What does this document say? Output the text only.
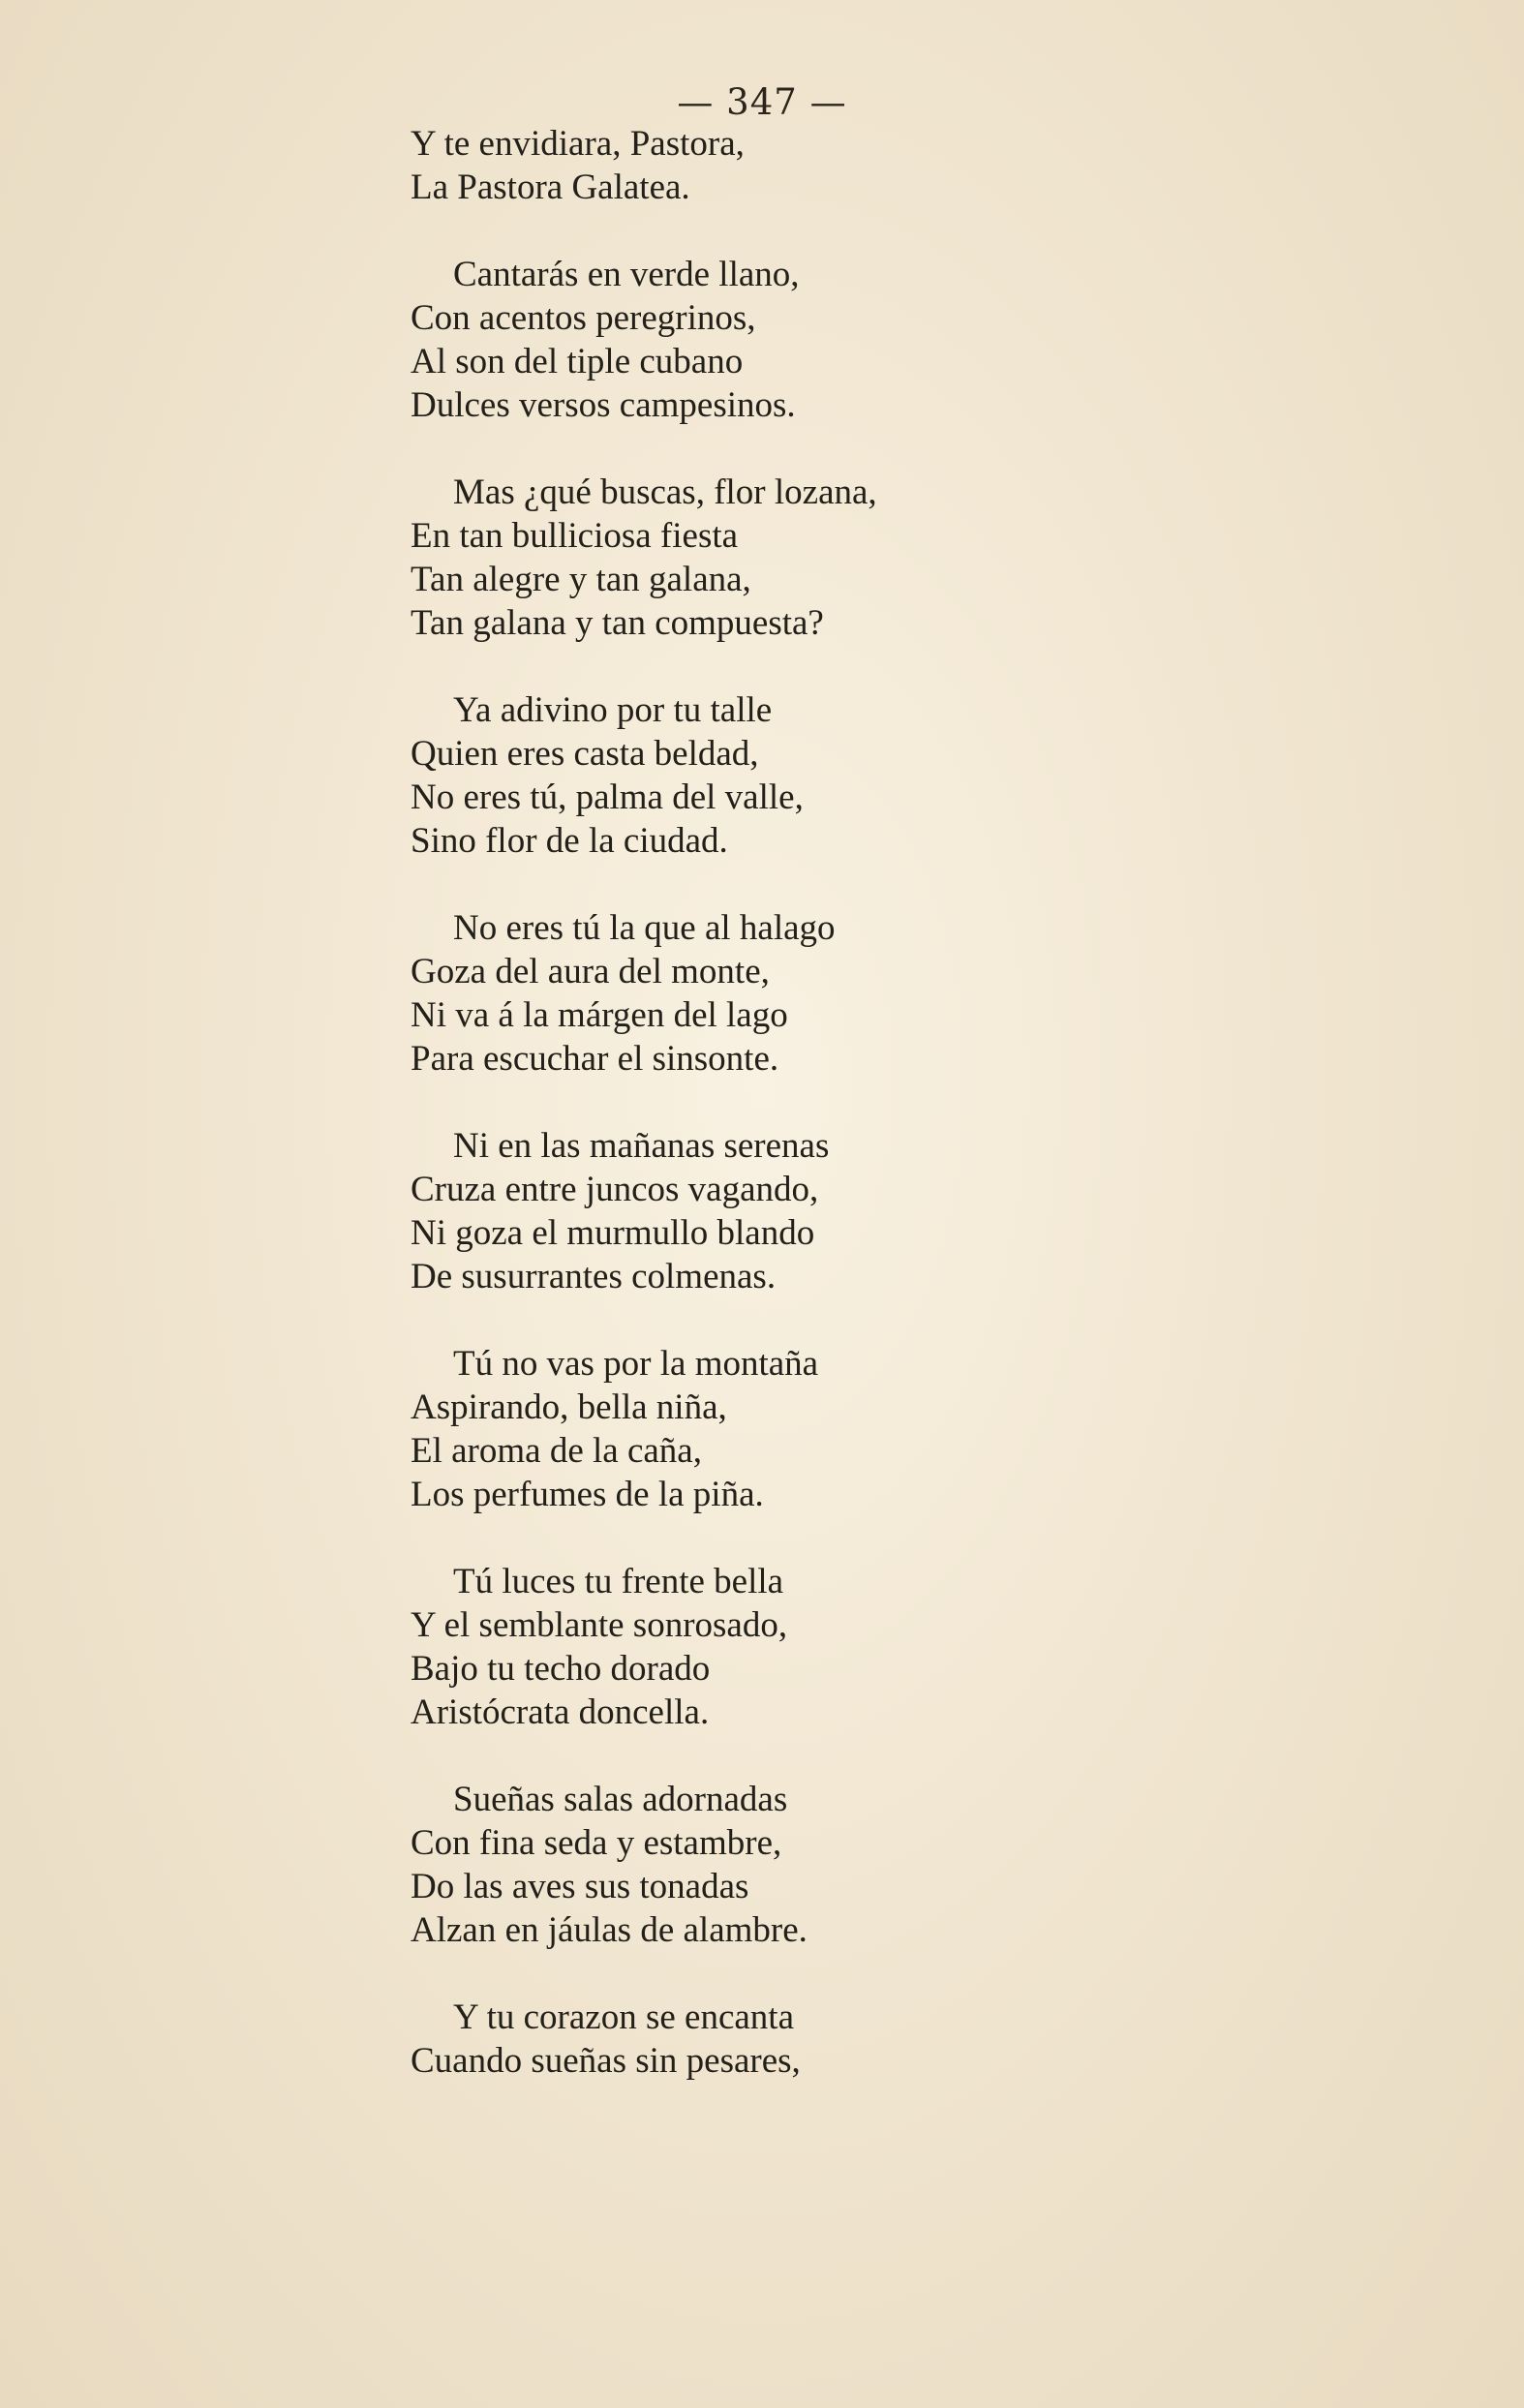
— 347 —
Y te envidiara, Pastora,
La Pastora Galatea.
Cantarás en verde llano,
Con acentos peregrinos,
Al son del tiple cubano
Dulces versos campesinos.
Mas ¿qué buscas, flor lozana,
En tan bulliciosa fiesta
Tan alegre y tan galana,
Tan galana y tan compuesta?
Ya adivino por tu talle
Quien eres casta beldad,
No eres tú, palma del valle,
Sino flor de la ciudad.
No eres tú la que al halago
Goza del aura del monte,
Ni va á la márgen del lago
Para escuchar el sinsonte.
Ni en las mañanas serenas
Cruza entre juncos vagando,
Ni goza el murmullo blando
De susurrantes colmenas.
Tú no vas por la montaña
Aspirando, bella niña,
El aroma de la caña,
Los perfumes de la piña.
Tú luces tu frente bella
Y el semblante sonrosado,
Bajo tu techo dorado
Aristócrata doncella.
Sueñas salas adornadas
Con fina seda y estambre,
Do las aves sus tonadas
Alzan en jáulas de alambre.
Y tu corazon se encanta
Cuando sueñas sin pesares,
